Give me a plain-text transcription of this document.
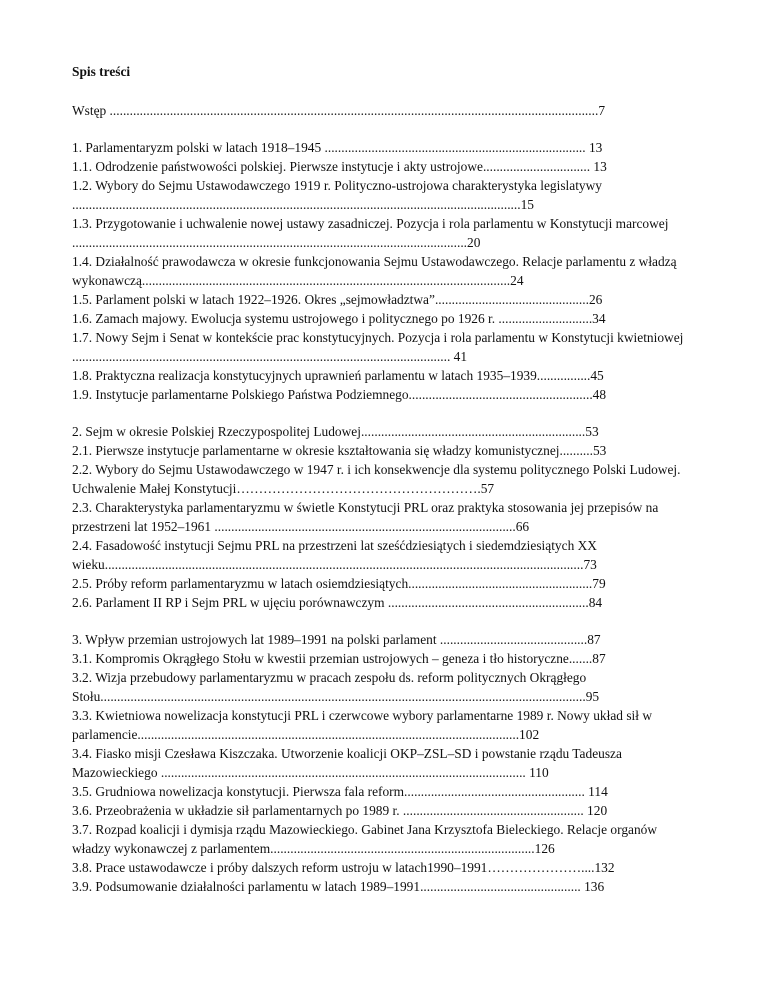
Spis treści

Wstęp ..................................................................................................................................................7

1. Parlamentaryzm polski w latach 1918–1945 .............................................................................. 13

1.1. Odrodzenie państwowości polskiej. Pierwsze instytucje i akty ustrojowe................................ 13

1.2. Wybory do Sejmu Ustawodawczego 1919 r. Polityczno-ustrojowa charakterystyka legislatywy ......................................................................................................................................15

1.3. Przygotowanie i uchwalenie nowej ustawy zasadniczej. Pozycja i rola parlamentu w Konstytucji marcowej ......................................................................................................................20

1.4. Działalność prawodawcza w okresie funkcjonowania Sejmu Ustawodawczego. Relacje parlamentu z władzą wykonawczą..............................................................................................................24

1.5. Parlament polski w latach 1922–1926. Okres „sejmowładztwa”..............................................26

1.6. Zamach majowy. Ewolucja systemu ustrojowego i politycznego po 1926 r. ............................34

1.7. Nowy Sejm i Senat w kontekście prac konstytucyjnych. Pozycja i rola parlamentu w Konstytucji kwietniowej ................................................................................................................. 41

1.8. Praktyczna realizacja konstytucyjnych uprawnień parlamentu w latach 1935–1939................45

1.9. Instytucje parlamentarne Polskiego Państwa Podziemnego.......................................................48

2. Sejm w okresie Polskiej Rzeczypospolitej Ludowej...................................................................53

2.1. Pierwsze instytucje parlamentarne w okresie kształtowania się władzy komunistycznej..........53

2.2. Wybory do Sejmu Ustawodawczego w 1947 r. i ich konsekwencje dla systemu politycznego Polski Ludowej. Uchwalenie Małej Konstytucji……………………………………………….57

2.3. Charakterystyka parlamentaryzmu w świetle Konstytucji PRL oraz praktyka stosowania jej przepisów na przestrzeni lat 1952–1961 ..........................................................................................66

2.4. Fasadowość instytucji Sejmu PRL na przestrzeni lat sześćdziesiątych i siedemdziesiątych XX wieku...............................................................................................................................................73

2.5. Próby reform parlamentaryzmu w latach osiemdziesiątych.......................................................79

2.6. Parlament II RP i Sejm PRL w ujęciu porównawczym ............................................................84

3. Wpływ przemian ustrojowych lat 1989–1991 na polski parlament ............................................87

3.1. Kompromis Okrągłego Stołu w kwestii przemian ustrojowych – geneza i tło historyczne.......87

3.2. Wizja przebudowy parlamentaryzmu w pracach zespołu ds. reform politycznych Okrągłego Stołu.................................................................................................................................................95

3.3. Kwietniowa nowelizacja konstytucji PRL i czerwcowe wybory parlamentarne 1989 r. Nowy układ sił w parlamencie..................................................................................................................102

3.4. Fiasko misji Czesława Kiszczaka. Utworzenie koalicji OKP–ZSL–SD i powstanie rządu Tadeusza Mazowieckiego ............................................................................................................. 110

3.5. Grudniowa nowelizacja konstytucji. Pierwsza fala reform...................................................... 114

3.6. Przeobrażenia w układzie sił parlamentarnych po 1989 r. ...................................................... 120

3.7. Rozpad koalicji i dymisja rządu Mazowieckiego. Gabinet Jana Krzysztofa Bieleckiego. Relacje organów władzy wykonawczej z parlamentem...............................................................................126

3.8. Prace ustawodawcze i próby dalszych reform ustroju w latach1990–1991…………………....132

3.9. Podsumowanie działalności parlamentu w latach 1989–1991................................................ 136
